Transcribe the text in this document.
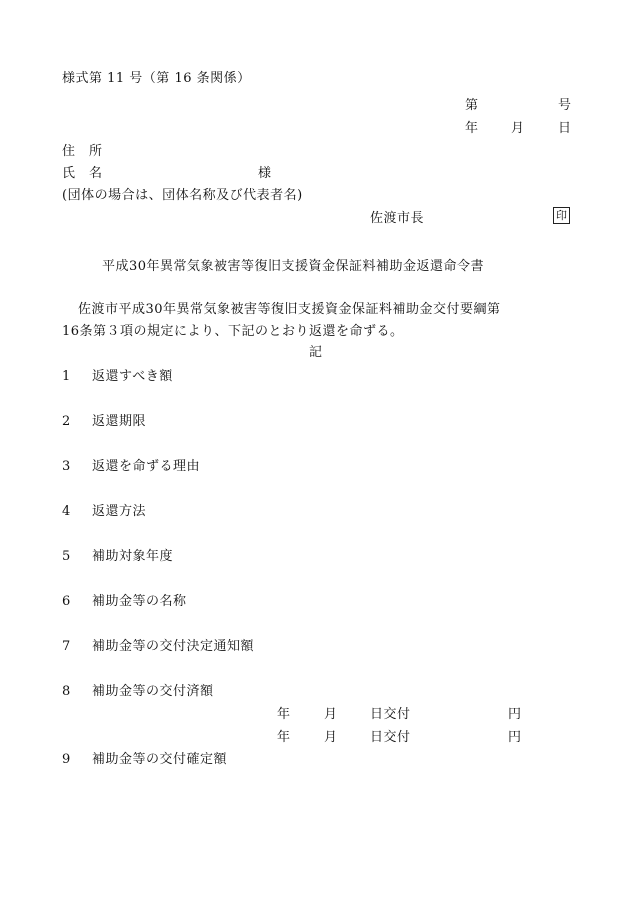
様式第 11 号（第 16 条関係）
第	号
年 月	日
住　所
氏　名	様
(団体の場合は、団体名称及び代表者名)
佐渡市長	印
平成30年異常気象被害等復旧支援資金保証料補助金返還命令書
佐渡市平成30年異常気象被害等復旧支援資金保証料補助金交付要綱第
16条第３項の規定により、下記のとおり返還を命ずる。
記
1 返還すべき額
2 返還期限
3 返還を命ずる理由
4 返還方法
5 補助対象年度
6 補助金等の名称
7 補助金等の交付決定通知額
8 補助金等の交付済額
年	月 日交付	円
年	月 日交付	円
9 補助金等の交付確定額
